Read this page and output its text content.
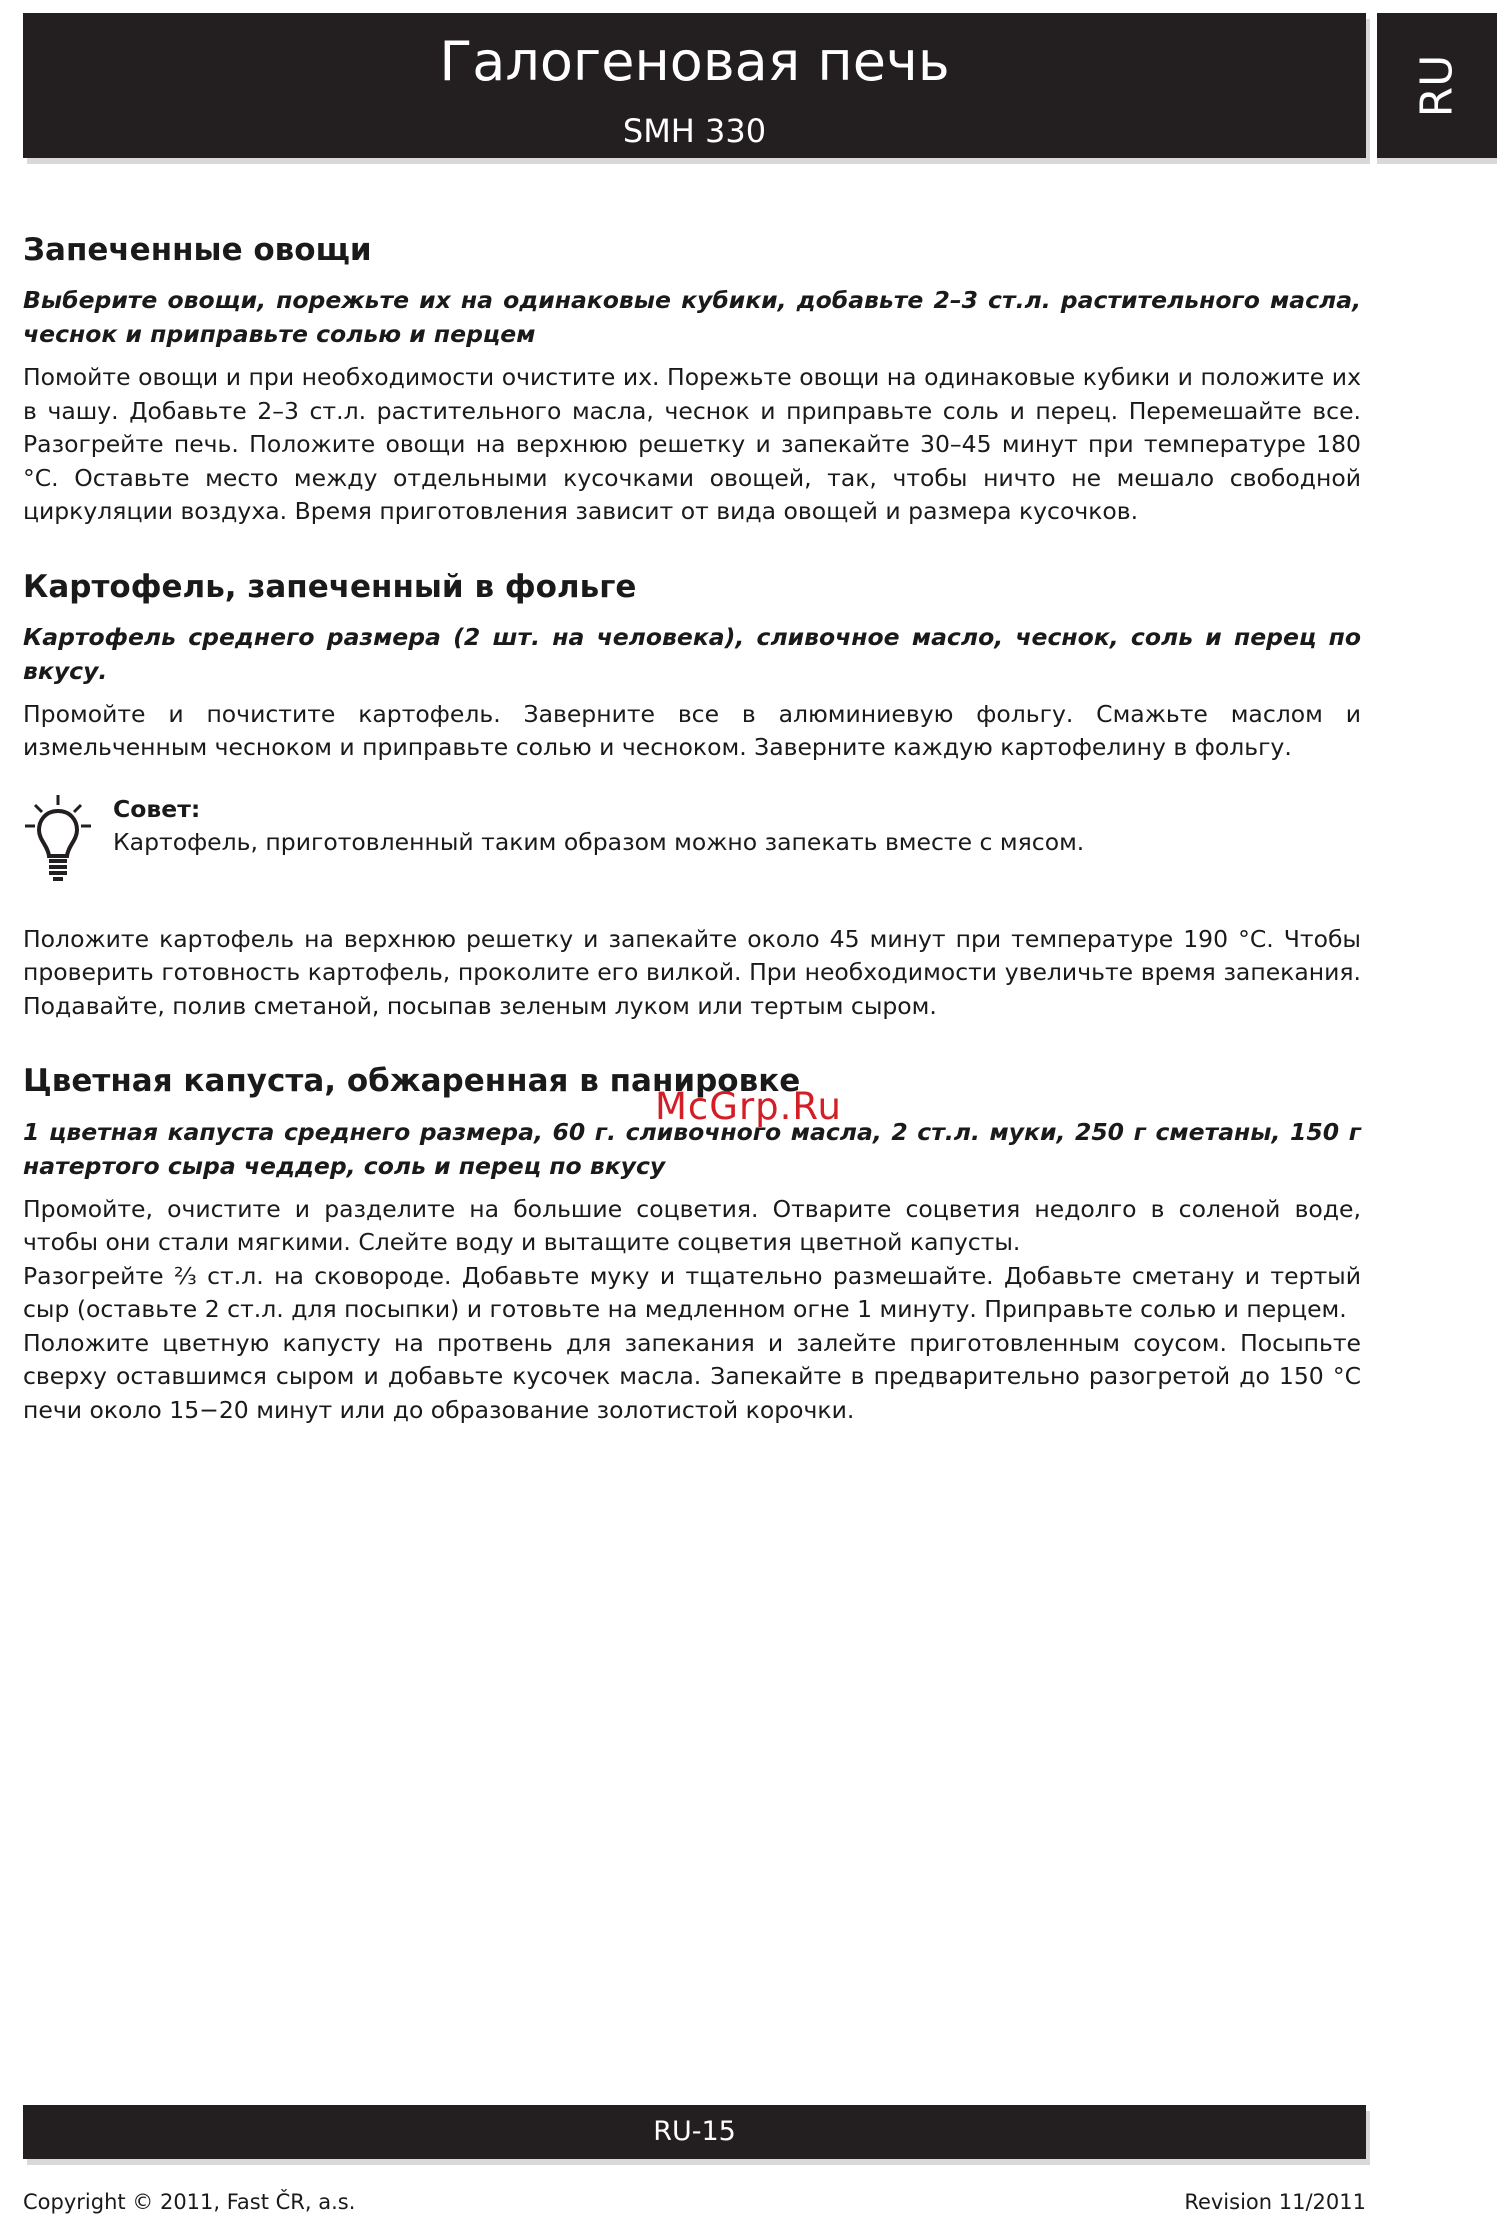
Галогеновая печь
SMH 330
RU
Запеченные овощи

Выберите овощи, порежьте их на одинаковые кубики, добавьте 2–3 ст.л. растительного масла, чеснок и приправьте солью и перцем

Помойте овощи и при необходимости очистите их. Порежьте овощи на одинаковые кубики и положите их в чашу. Добавьте 2–3 ст.л. растительного масла, чеснок и приправьте соль и перец. Перемешайте все. Разогрейте печь. Положите овощи на верхнюю решетку и запекайте 30–45 минут при температуре 180 °C. Оставьте место между отдельными кусочками овощей, так, чтобы ничто не мешало свободной циркуляции воздуха. Время приготовления зависит от вида овощей и размера кусочков.

Картофель, запеченный в фольге

Картофель среднего размера (2 шт. на человека), сливочное масло, чеснок, соль и перец по вкусу.

Промойте и почистите картофель. Заверните все в алюминиевую фольгу. Смажьте маслом и измельченным чесноком и приправьте солью и чесноком. Заверните каждую картофелину в фольгу.

Совет:
Картофель, приготовленный таким образом можно запекать вместе с мясом.

Положите картофель на верхнюю решетку и запекайте около 45 минут при температуре 190 °C. Чтобы проверить готовность картофель, проколите его вилкой. При необходимости увеличьте время запекания. Подавайте, полив сметаной, посыпав зеленым луком или тертым сыром.

Цветная капуста, обжаренная в панировке

1 цветная капуста среднего размера, 60 г. сливочного масла, 2 ст.л. муки, 250 г сметаны, 150 г натертого сыра чеддер, соль и перец по вкусу

Промойте, очистите и разделите на большие соцветия. Отварите соцветия недолго в соленой воде, чтобы они стали мягкими. Слейте воду и вытащите соцветия цветной капусты.

Разогрейте ⅔ ст.л. на сковороде. Добавьте муку и тщательно размешайте. Добавьте сметану и тертый сыр (оставьте 2 ст.л. для посыпки) и готовьте на медленном огне 1 минуту. Приправьте солью и перцем.

Положите цветную капусту на протвень для запекания и залейте приготовленным соусом. Посыпьте сверху оставшимся сыром и добавьте кусочек масла. Запекайте в предварительно разогретой до 150 °C печи около 15−20 минут или до образование золотистой корочки.

McGrp.Ru
RU-15
Copyright © 2011, Fast ČR, a.s.	Revision 11/2011
